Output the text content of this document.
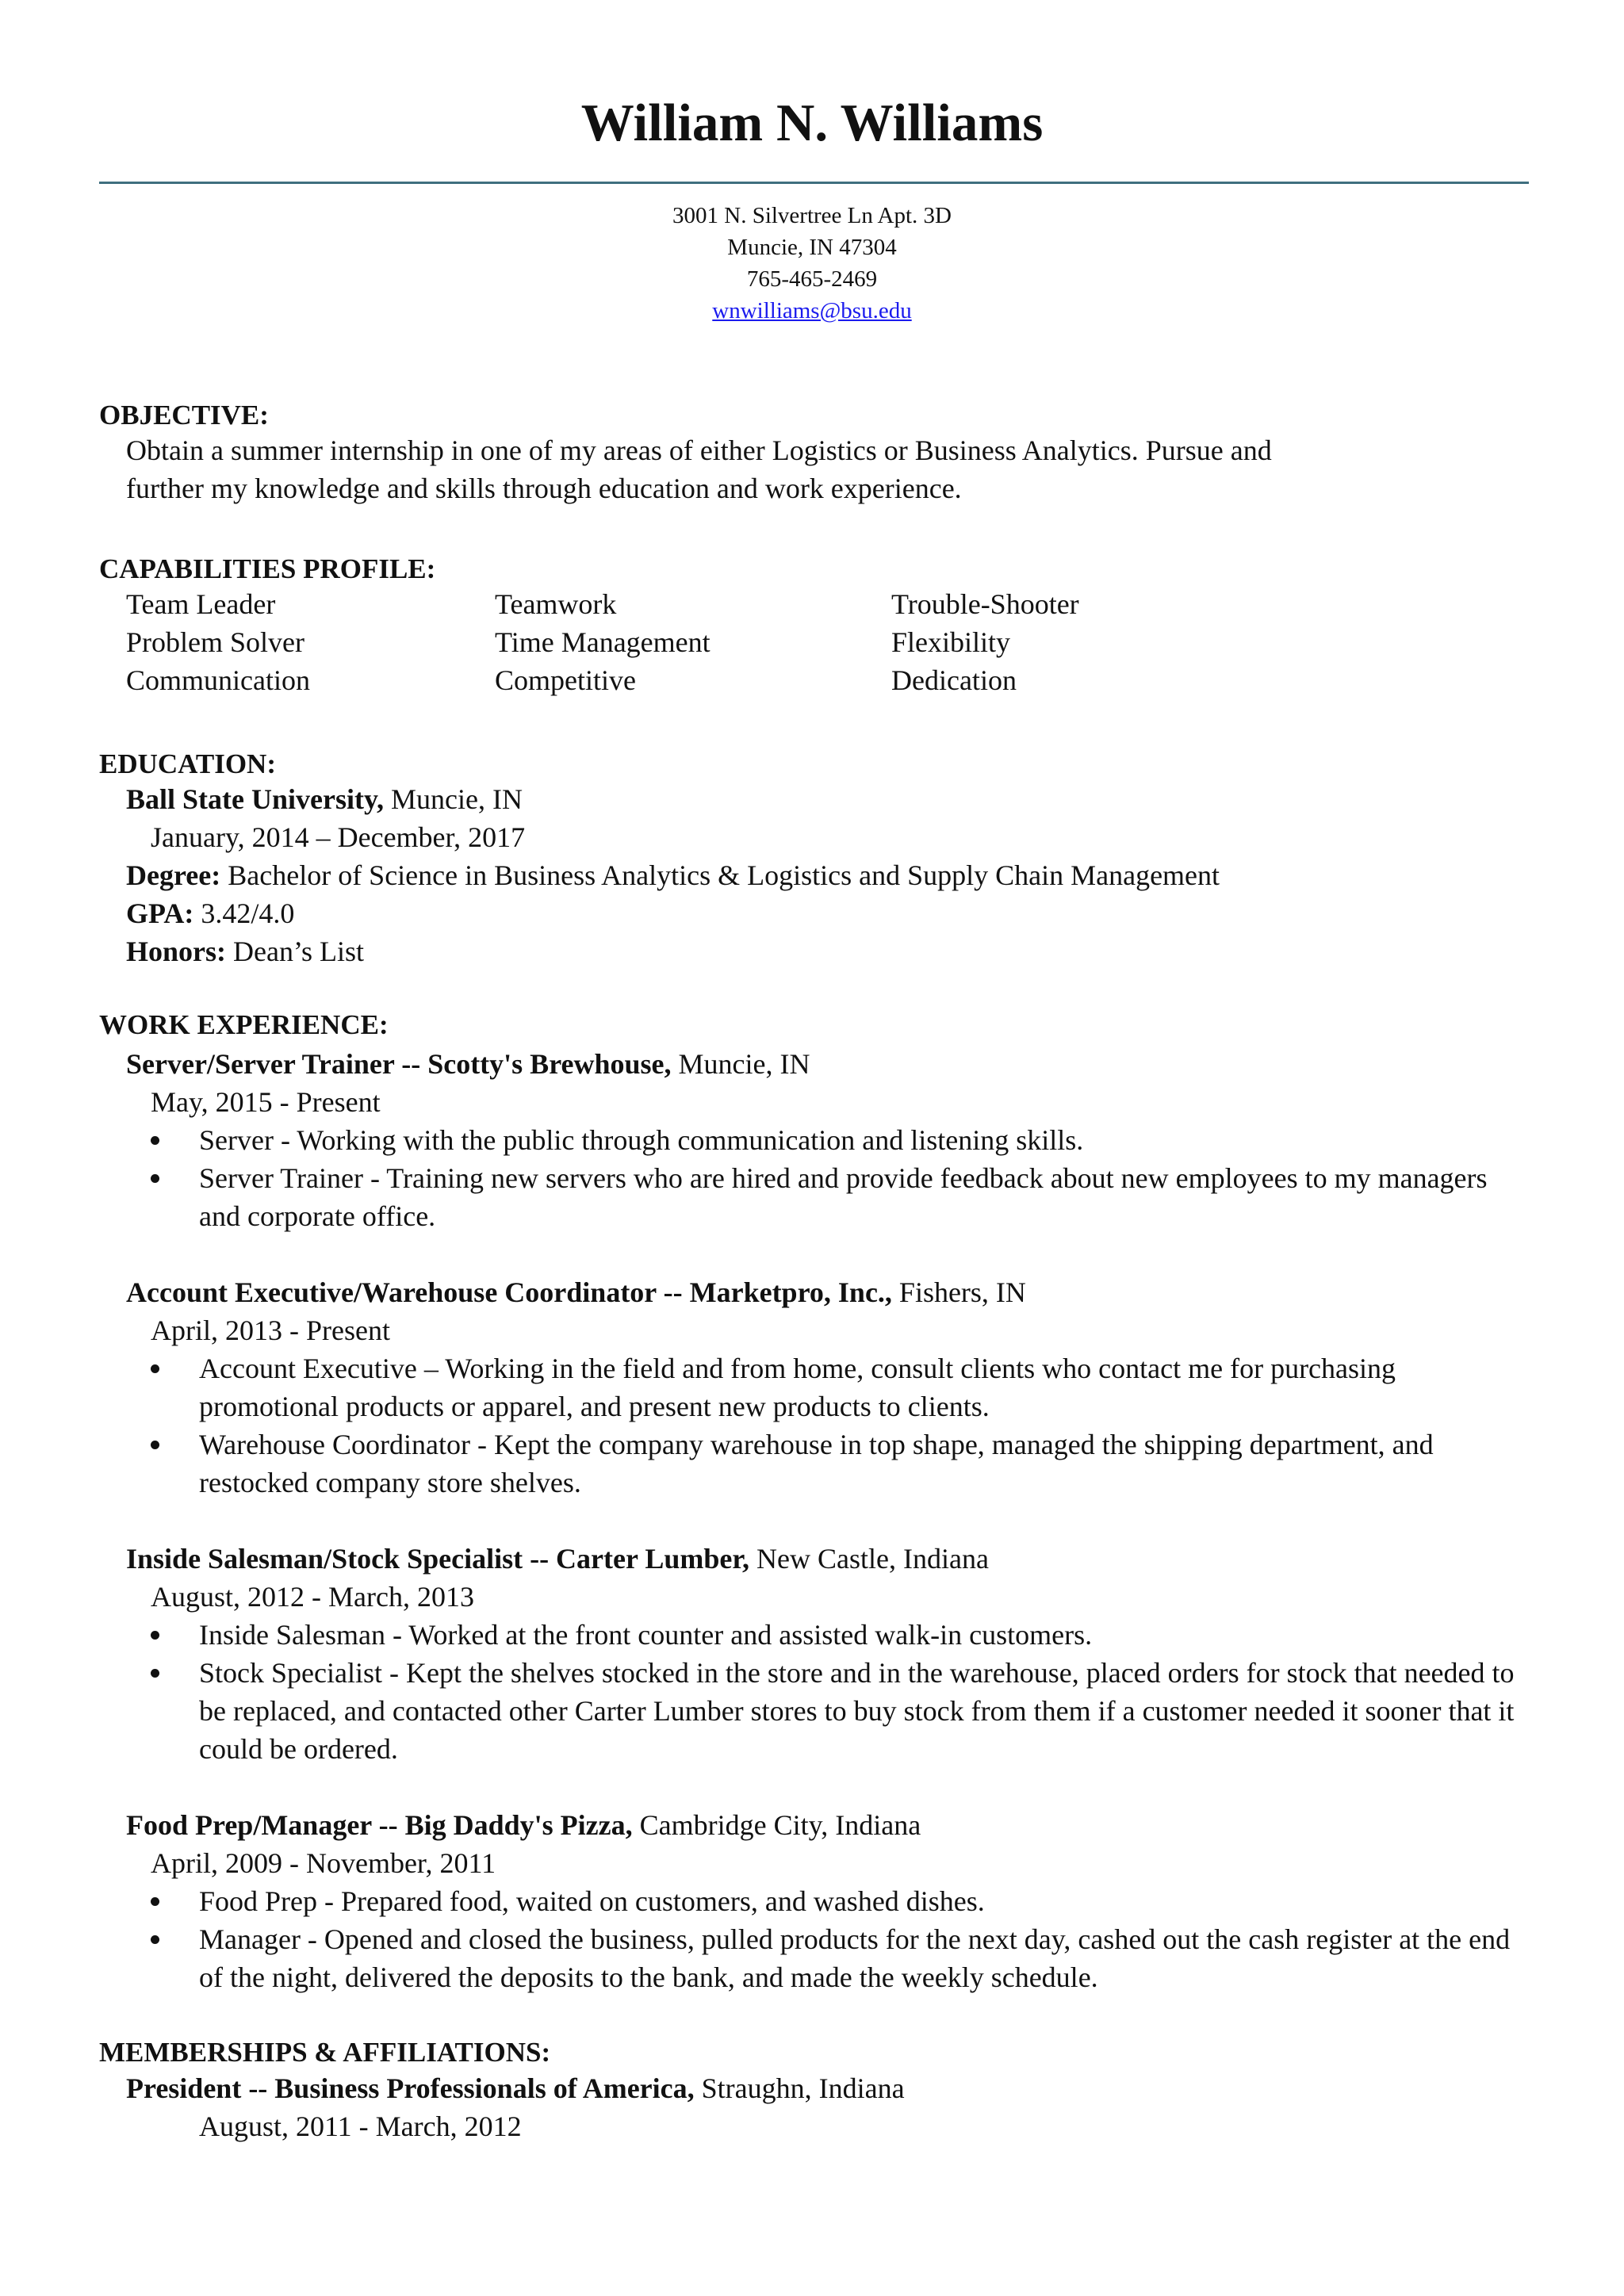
William N. Williams
3001 N. Silvertree Ln Apt. 3D
Muncie, IN 47304
765-465-2469
wnwilliams@bsu.edu
OBJECTIVE:
Obtain a summer internship in one of my areas of either Logistics or Business Analytics. Pursue and
further my knowledge and skills through education and work experience.
CAPABILITIES PROFILE:
Team Leader	Teamwork	Trouble-Shooter
Problem Solver	Time Management	Flexibility
Communication	Competitive	Dedication
EDUCATION:
Ball State University, Muncie, IN
January, 2014 – December, 2017
Degree: Bachelor of Science in Business Analytics & Logistics and Supply Chain Management
GPA: 3.42/4.0
Honors: Dean’s List
WORK EXPERIENCE:
Server/Server Trainer -- Scotty's Brewhouse, Muncie, IN
May, 2015 - Present
Server - Working with the public through communication and listening skills.
Server Trainer - Training new servers who are hired and provide feedback about new employees to my managers and corporate office.
Account Executive/Warehouse Coordinator -- Marketpro, Inc., Fishers, IN
April, 2013 - Present
Account Executive – Working in the field and from home, consult clients who contact me for purchasing promotional products or apparel, and present new products to clients.
Warehouse Coordinator - Kept the company warehouse in top shape, managed the shipping department, and restocked company store shelves.
Inside Salesman/Stock Specialist -- Carter Lumber, New Castle, Indiana
August, 2012 - March, 2013
Inside Salesman - Worked at the front counter and assisted walk-in customers.
Stock Specialist - Kept the shelves stocked in the store and in the warehouse, placed orders for stock that needed to be replaced, and contacted other Carter Lumber stores to buy stock from them if a customer needed it sooner that it could be ordered.
Food Prep/Manager -- Big Daddy's Pizza, Cambridge City, Indiana
April, 2009 - November, 2011
Food Prep - Prepared food, waited on customers, and washed dishes.
Manager - Opened and closed the business, pulled products for the next day, cashed out the cash register at the end of the night, delivered the deposits to the bank, and made the weekly schedule.
MEMBERSHIPS & AFFILIATIONS:
President -- Business Professionals of America, Straughn, Indiana
August, 2011 - March, 2012
